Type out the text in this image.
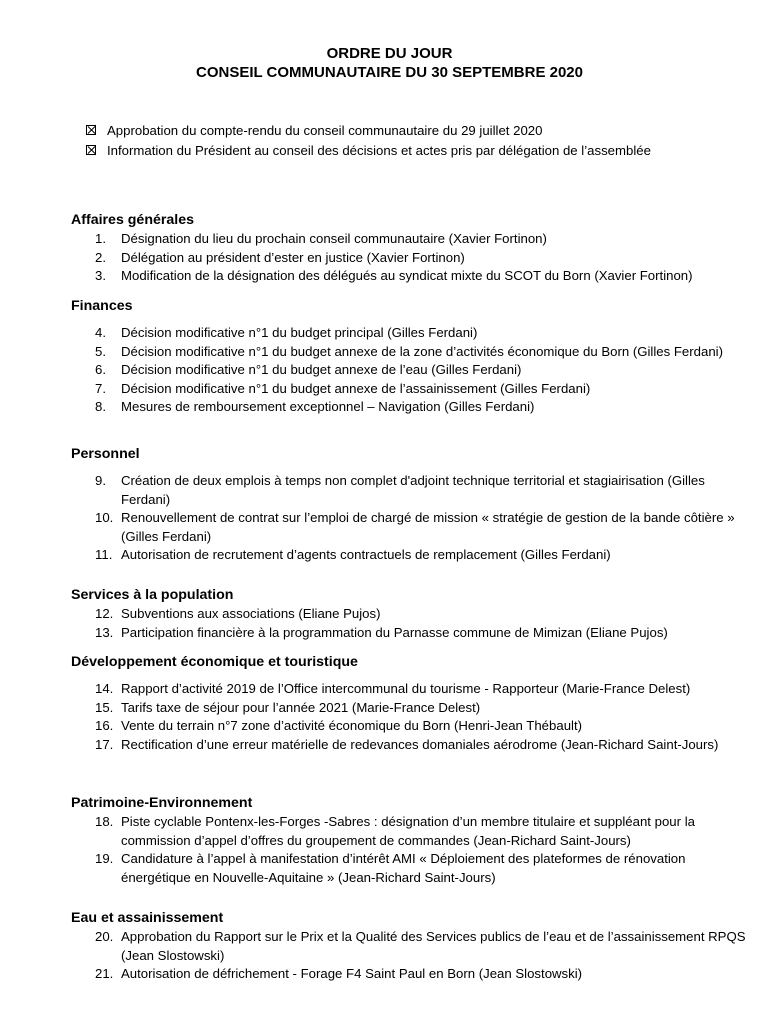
ORDRE DU JOUR
CONSEIL COMMUNAUTAIRE DU 30 SEPTEMBRE 2020
Approbation du compte-rendu du conseil communautaire du 29 juillet 2020
Information du Président au conseil des décisions et actes pris par délégation de l’assemblée
Affaires générales
1.	Désignation du lieu du prochain conseil communautaire (Xavier Fortinon)
2.	Délégation au président d’ester en justice (Xavier Fortinon)
3.	Modification de la désignation des délégués au syndicat mixte du SCOT du Born (Xavier Fortinon)
Finances
4.	Décision modificative n°1 du budget principal (Gilles Ferdani)
5.	Décision modificative n°1 du budget annexe de la zone d’activités économique du Born (Gilles Ferdani)
6.	Décision modificative n°1 du budget annexe de l’eau (Gilles Ferdani)
7.	Décision modificative n°1 du budget annexe de l’assainissement (Gilles Ferdani)
8.	Mesures de remboursement exceptionnel – Navigation (Gilles Ferdani)
Personnel
9.	Création de deux emplois à temps non complet d'adjoint technique territorial et stagiairisation (Gilles Ferdani)
10. Renouvellement de contrat sur l’emploi de chargé de mission « stratégie de gestion de la bande côtière » (Gilles Ferdani)
11. Autorisation de recrutement d’agents contractuels de remplacement (Gilles Ferdani)
Services à la population
12. Subventions aux associations (Eliane Pujos)
13. Participation financière à la programmation du Parnasse commune de Mimizan (Eliane Pujos)
Développement économique et touristique
14. Rapport d’activité 2019 de l’Office intercommunal du tourisme - Rapporteur (Marie-France Delest)
15. Tarifs taxe de séjour pour l’année 2021 (Marie-France Delest)
16. Vente du terrain n°7 zone d’activité économique du Born (Henri-Jean Thébault)
17. Rectification d’une erreur matérielle de redevances domaniales aérodrome (Jean-Richard Saint-Jours)
Patrimoine-Environnement
18. Piste cyclable Pontenx-les-Forges -Sabres : désignation d’un membre titulaire et suppléant pour la commission d’appel d’offres du groupement de commandes (Jean-Richard Saint-Jours)
19. Candidature à l’appel à manifestation d’intérêt AMI « Déploiement des plateformes de rénovation énergétique en Nouvelle-Aquitaine » (Jean-Richard Saint-Jours)
Eau et assainissement
20. Approbation du Rapport sur le Prix et la Qualité des Services publics de l’eau et de l’assainissement RPQS (Jean Slostowski)
21. Autorisation de défrichement - Forage F4 Saint Paul en Born (Jean Slostowski)
